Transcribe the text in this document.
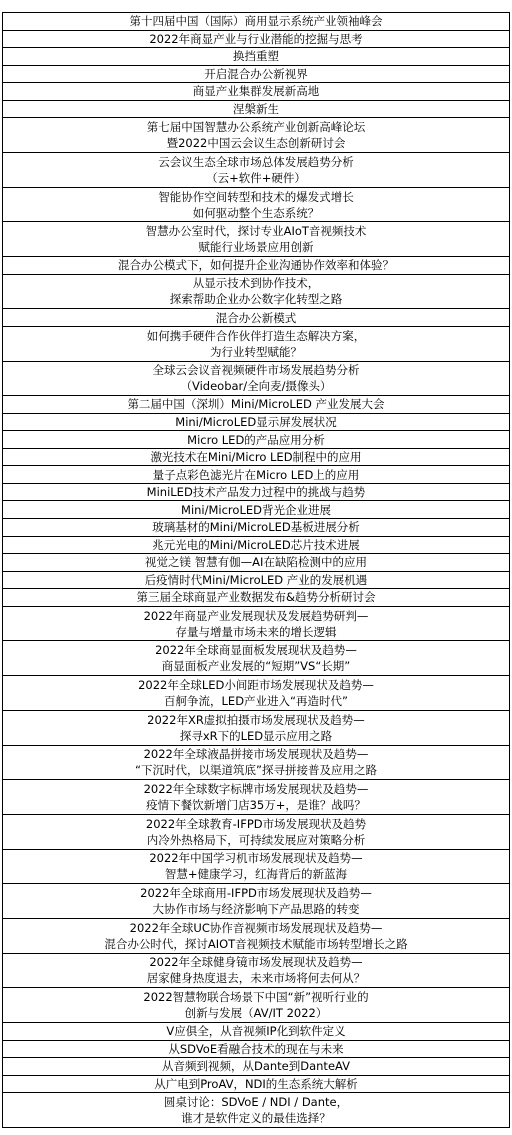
第十四届中国（国际）商用显示系统产业领袖峰会
2022年商显产业与行业潜能的挖掘与思考
换挡重塑
开启混合办公新视界
商显产业集群发展新高地
涅槃新生
第七届中国智慧办公系统产业创新高峰论坛
暨2022中国云会议生态创新研讨会
云会议生态全球市场总体发展趋势分析
（云+软件+硬件）
智能协作空间转型和技术的爆发式增长
如何驱动整个生态系统？
智慧办公室时代，探讨专业AIoT音视频技术
赋能行业场景应用创新
混合办公模式下，如何提升企业沟通协作效率和体验？
从显示技术到协作技术，
探索帮助企业办公数字化转型之路
混合办公新模式
如何携手硬件合作伙伴打造生态解决方案，
为行业转型赋能？
全球云会议音视频硬件市场发展趋势分析
（Videobar/全向麦/摄像头）
第二届中国（深圳）Mini/MicroLED 产业发展大会
Mini/MicroLED显示屏发展状况
Micro LED的产品应用分析
激光技术在Mini/Micro LED制程中的应用
量子点彩色滤光片在Micro LED上的应用
MiniLED技术产品发力过程中的挑战与趋势
Mini/MicroLED背光企业进展
玻璃基材的Mini/MicroLED基板进展分析
兆元光电的Mini/MicroLED芯片技术进展
视觉之镁 智慧有伽—AI在缺陷检测中的应用
后疫情时代Mini/MicroLED 产业的发展机遇
第三届全球商显产业数据发布&趋势分析研讨会
2022年商显产业发展现状及发展趋势研判—
存量与增量市场未来的增长逻辑
2022年全球商显面板发展现状及趋势—
商显面板产业发展的“短期”VS“长期”
2022年全球LED小间距市场发展现状及趋势—
百舸争流，LED产业进入“再造时代”
2022年XR虚拟拍摄市场发展现状及趋势—
探寻xR下的LED显示应用之路
2022年全球液晶拼接市场发展现状及趋势—
“下沉时代，以渠道筑底”探寻拼接普及应用之路
2022年全球数字标牌市场发展现状及趋势—
疫情下餐饮新增门店35万+，是谁？战吗？
2022年全球教育-IFPD市场发展现状及趋势
内冷外热格局下，可持续发展应对策略分析
2022年中国学习机市场发展现状及趋势—
智慧+健康学习，红海背后的新蓝海
2022年全球商用-IFPD市场发展现状及趋势—
大协作市场与经济影响下产品思路的转变
2022年全球UC协作音视频市场发展现状及趋势—
混合办公时代，探讨AIOT音视频技术赋能市场转型增长之路
2022年全球健身镜市场发展现状及趋势—
居家健身热度退去，未来市场将何去何从？
2022智慧物联合场景下中国“新”视听行业的
创新与发展（AV/IT 2022）
V应俱全，从音视频IP化到软件定义
从SDVoE看融合技术的现在与未来
从音频到视频，从Dante到DanteAV
从广电到ProAV，NDI的生态系统大解析
圆桌讨论：SDVoE / NDI / Dante，
谁才是软件定义的最佳选择？
